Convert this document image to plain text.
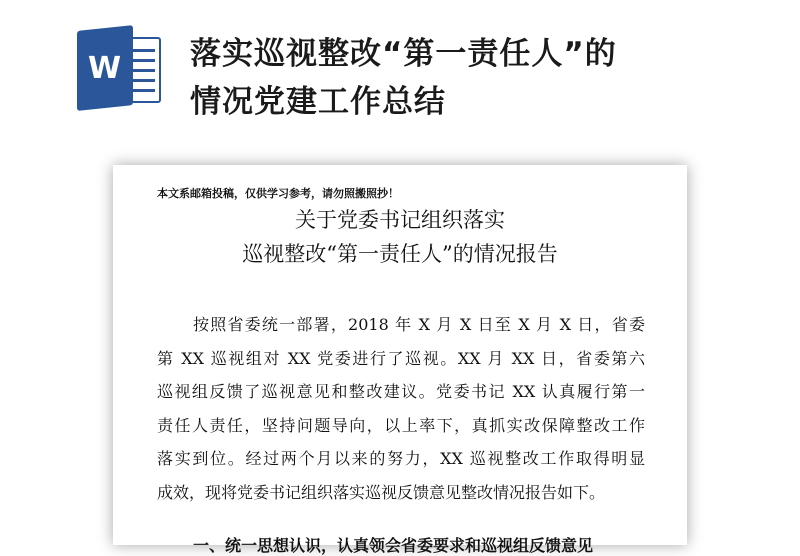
W 落实巡视整改“第一责任人”的
情况党建工作总结
本文系邮箱投稿，仅供学习参考，请勿照搬照抄！
关于党委书记组织落实
巡视整改“第一责任人”的情况报告
按照省委统一部署，2018 年 X 月 X 日至 X 月 X 日，省委
第 XX 巡视组对 XX 党委进行了巡视。XX 月 XX 日，省委第六
巡视组反馈了巡视意见和整改建议。党委书记 XX 认真履行第一
责任人责任，坚持问题导向，以上率下，真抓实改保障整改工作
落实到位。经过两个月以来的努力，XX 巡视整改工作取得明显
成效，现将党委书记组织落实巡视反馈意见整改情况报告如下。
一、统一思想认识，认真领会省委要求和巡视组反馈意见
